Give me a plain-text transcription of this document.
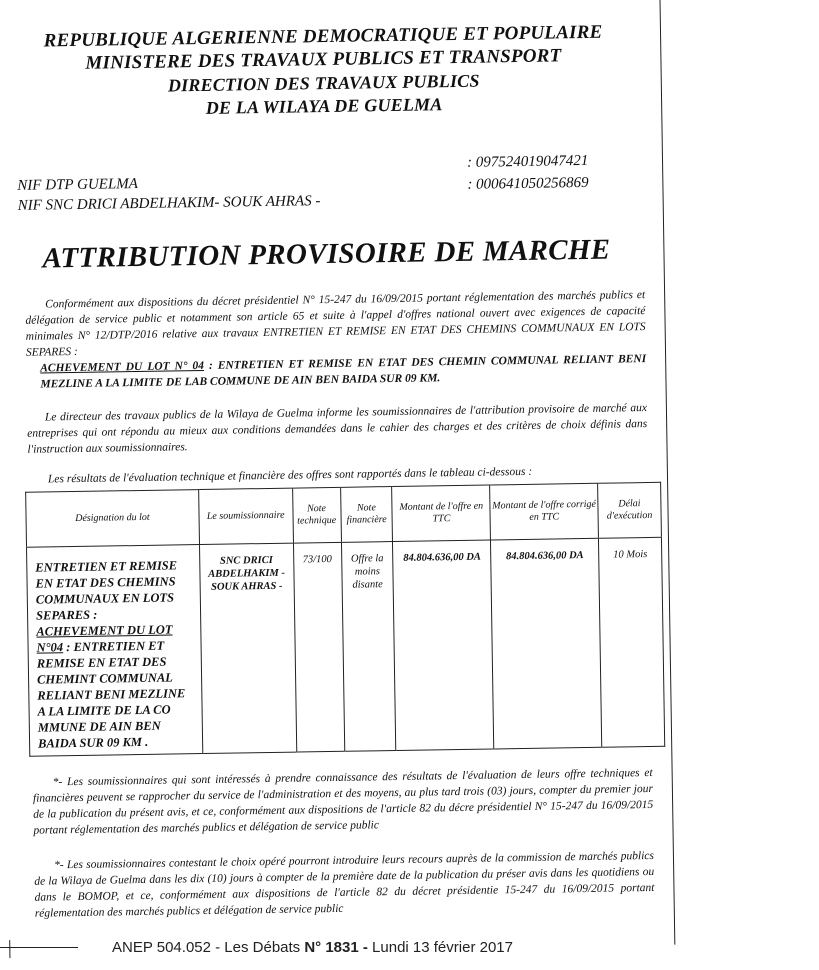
REPUBLIQUE ALGERIENNE DEMOCRATIQUE ET POPULAIRE
MINISTERE DES TRAVAUX PUBLICS ET TRANSPORT
DIRECTION DES TRAVAUX PUBLICS
DE LA WILAYA DE GUELMA
NIF DTP GUELMA
: 097524019047421
NIF SNC DRICI ABDELHAKIM- SOUK AHRAS -
: 000641050256869
ATTRIBUTION PROVISOIRE DE MARCHE
Conformément aux dispositions du décret présidentiel N° 15-247 du 16/09/2015 portant réglementation des marchés publics et délégation de service public et notamment son article 65 et suite à l'appel d'offres national ouvert avec exigences de capacité minimales N° 12/DTP/2016 relative aux travaux ENTRETIEN ET REMISE EN ETAT DES CHEMINS COMMUNAUX EN LOTS SEPARES :
ACHEVEMENT DU LOT N° 04 : ENTRETIEN ET REMISE EN ETAT DES CHEMIN COMMUNAL RELIANT BENI MEZLINE A LA LIMITE DE LAB COMMUNE DE AIN BEN BAIDA SUR 09 KM.
Le directeur des travaux publics de la Wilaya de Guelma informe les soumissionnaires de l'attribution provisoire de marché aux entreprises qui ont répondu au mieux aux conditions demandées dans le cahier des charges et des critères de choix définis dans l'instruction aux soumissionnaires.
Les résultats de l'évaluation technique et financière des offres sont rapportés dans le tableau ci-dessous :
Désignation du lot	Le soumissionnaire	Note technique	Note financière	Montant de l'offre en TTC	Montant de l'offre corrigé en TTC	Délai d'exécution
ENTRETIEN ET REMISE EN ETAT DES CHEMINS COMMUNAUX EN LOTS SEPARES :
ACHEVEMENT DU LOT N°04 : ENTRETIEN ET REMISE EN ETAT DES CHEMINT COMMUNAL RELIANT BENI MEZLINE A LA LIMITE DE LA CO MMUNE DE AIN BEN BAIDA SUR 09 KM .	SNC DRICI ABDELHAKIM - SOUK AHRAS -	73/100	Offre la moins disante	84.804.636,00 DA	84.804.636,00 DA	10 Mois
*- Les soumissionnaires qui sont intéressés à prendre connaissance des résultats de l'évaluation de leurs offre techniques et financières peuvent se rapprocher du service de l'administration et des moyens, au plus tard trois (03) jours, compter du premier jour de la publication du présent avis, et ce, conformément aux dispositions de l'article 82 du décre présidentiel N° 15-247 du 16/09/2015 portant réglementation des marchés publics et délégation de service public
*- Les soumissionnaires contestant le choix opéré pourront introduire leurs recours auprès de la commission de marchés publics de la Wilaya de Guelma dans les dix (10) jours à compter de la première date de la publication du préser avis dans les quotidiens ou dans le BOMOP, et ce, conformément aux dispositions de l'article 82 du décret présidentie 15-247 du 16/09/2015 portant réglementation des marchés publics et délégation de service public
ANEP 504.052 - Les Débats N° 1831 - Lundi 13 février 2017
